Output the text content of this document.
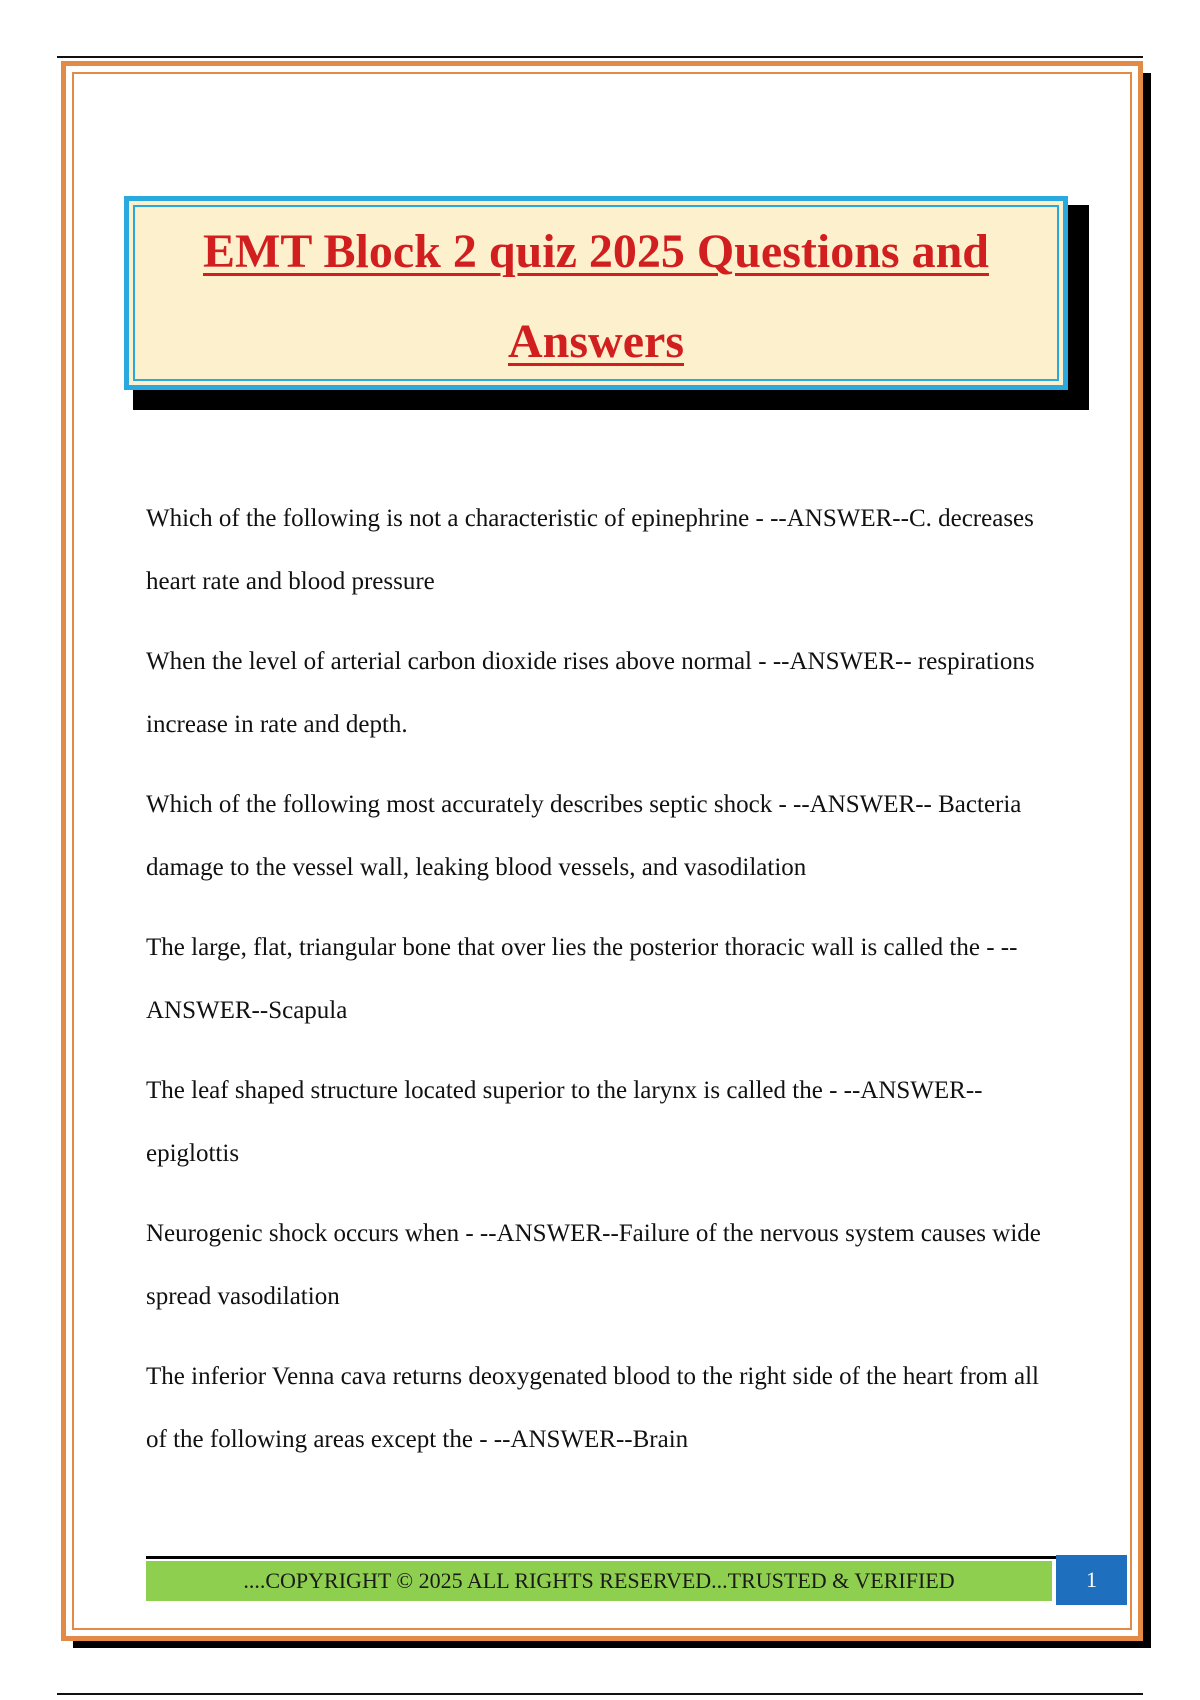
EMT Block 2 quiz 2025 Questions and Answers

Which of the following is not a characteristic of epinephrine - --ANSWER--C. decreases heart rate and blood pressure

When the level of arterial carbon dioxide rises above normal - --ANSWER-- respirations increase in rate and depth.

Which of the following most accurately describes septic shock - --ANSWER-- Bacteria damage to the vessel wall, leaking blood vessels, and vasodilation

The large, flat, triangular bone that over lies the posterior thoracic wall is called the - --ANSWER--Scapula

The leaf shaped structure located superior to the larynx is called the - --ANSWER--epiglottis

Neurogenic shock occurs when - --ANSWER--Failure of the nervous system causes wide spread vasodilation

The inferior Venna cava returns deoxygenated blood to the right side of the heart from all of the following areas except the - --ANSWER--Brain

....COPYRIGHT © 2025 ALL RIGHTS RESERVED...TRUSTED & VERIFIED	1
